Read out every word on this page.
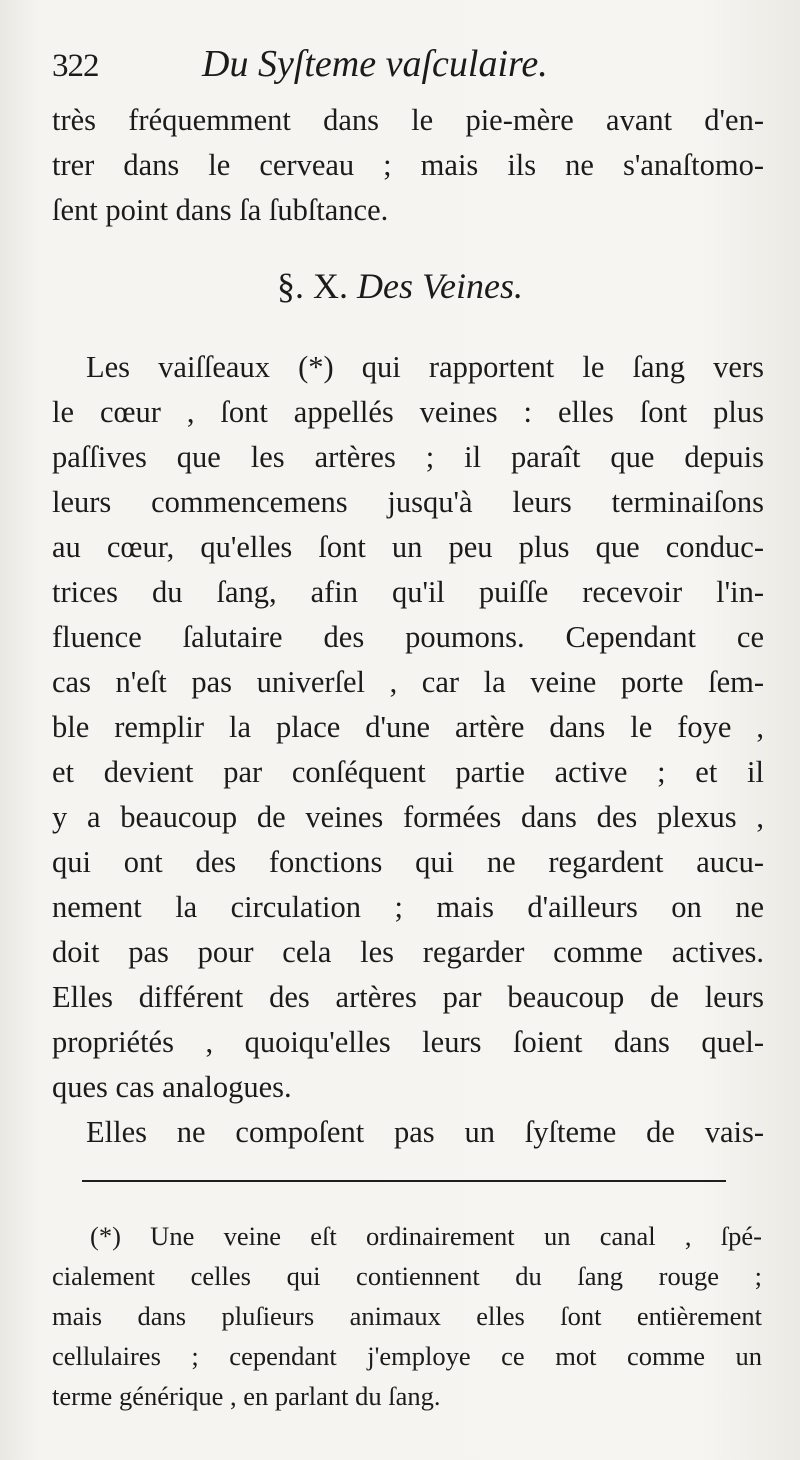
322	Du Syſteme vaſculaire.
très fréquemment dans le pie-mère avant d'en-
trer dans le cerveau ; mais ils ne s'anaſtomo-
ſent point dans ſa ſubſtance.
§. X. Des Veines.
Les vaiſſeaux (*) qui rapportent le ſang vers
le cœur , ſont appellés veines : elles ſont plus
paſſives que les artères ; il paraît que depuis
leurs commencemens jusqu'à leurs terminaiſons
au cœur, qu'elles ſont un peu plus que conduc-
trices du ſang, afin qu'il puiſſe recevoir l'in-
fluence ſalutaire des poumons. Cependant ce
cas n'eſt pas univerſel , car la veine porte ſem-
ble remplir la place d'une artère dans le foye ,
et devient par conſéquent partie active ; et il
y a beaucoup de veines formées dans des plexus ,
qui ont des fonctions qui ne regardent aucu-
nement la circulation ; mais d'ailleurs on ne
doit pas pour cela les regarder comme actives.
Elles différent des artères par beaucoup de leurs
propriétés , quoiqu'elles leurs ſoient dans quel-
ques cas analogues.
Elles ne compoſent pas un ſyſteme de vais-
(*) Une veine eſt ordinairement un canal , ſpé-
cialement celles qui contiennent du ſang rouge ;
mais dans pluſieurs animaux elles ſont entièrement
cellulaires ; cependant j'employe ce mot comme un
terme générique , en parlant du ſang.
